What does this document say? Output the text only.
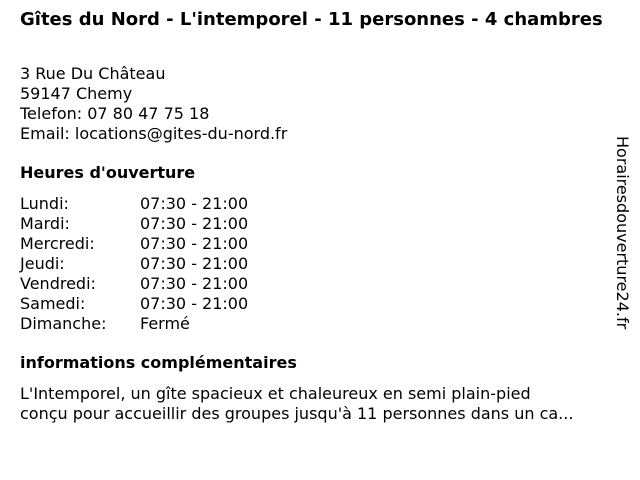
Gîtes du Nord - L'intemporel - 11 personnes - 4 chambres
3 Rue Du Château
59147 Chemy
Telefon: 07 80 47 75 18
Email: locations@gites-du-nord.fr
Heures d'ouverture
Lundi:	07:30 - 21:00
Mardi:	07:30 - 21:00
Mercredi:	07:30 - 21:00
Jeudi:	07:30 - 21:00
Vendredi:	07:30 - 21:00
Samedi:	07:30 - 21:00
Dimanche:	Fermé
informations complémentaires
L'Intemporel, un gîte spacieux et chaleureux en semi plain-pied
conçu pour accueillir des groupes jusqu'à 11 personnes dans un ca...
Horairesdouverture24.fr
